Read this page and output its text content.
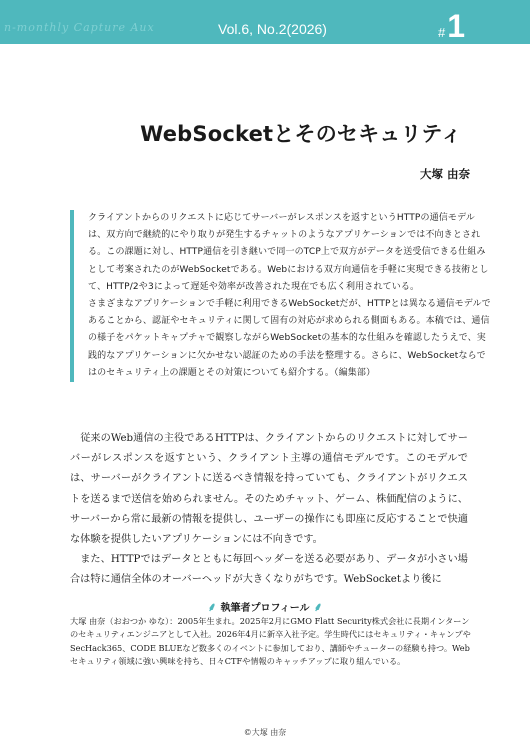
n-monthly Capture Aux	Vol.6, No.2(2026)	#1
WebSocketとそのセキュリティ
大塚 由奈

クライアントからのリクエストに応じてサーバーがレスポンスを返すというHTTPの通信モデルは、双方向で継続的にやり取りが発生するチャットのようなアプリケーションでは不向きとされる。この課題に対し、HTTP通信を引き継いで同一のTCP上で双方がデータを送受信できる仕組みとして考案されたのがWebSocketである。Webにおける双方向通信を手軽に実現できる技術として、HTTP/2や3によって遅延や効率が改善された現在でも広く利用されている。

さまざまなアプリケーションで手軽に利用できるWebSocketだが、HTTPとは異なる通信モデルであることから、認証やセキュリティに関して固有の対応が求められる側面もある。本稿では、通信の様子をパケットキャプチャで観察しながらWebSocketの基本的な仕組みを確認したうえで、実践的なアプリケーションに欠かせない認証のための手法を整理する。さらに、WebSocketならではのセキュリティ上の課題とその対策についても紹介する。（編集部）

従来のWeb通信の主役であるHTTPは、クライアントからのリクエストに対してサーバーがレスポンスを返すという、クライアント主導の通信モデルです。このモデルでは、サーバーがクライアントに送るべき情報を持っていても、クライアントがリクエストを送るまで送信を始められません。そのためチャット、ゲーム、株価配信のように、サーバーから常に最新の情報を提供し、ユーザーの操作にも即座に反応することで快適な体験を提供したいアプリケーションには不向きです。

また、HTTPではデータとともに毎回ヘッダーを送る必要があり、データが小さい場合は特に通信全体のオーバーヘッドが大きくなりがちです。WebSocketより後に

⸙ 執筆者プロフィール ⸙
大塚 由奈（おおつか ゆな）：2005年生まれ。2025年2月にGMO Flatt Security株式会社に長期インターンのセキュリティエンジニアとして入社。2026年4月に新卒入社予定。学生時代にはセキュリティ・キャンプやSecHack365、CODE BLUEなど数多くのイベントに参加しており、講師やチューターの経験も持つ。Webセキュリティ領域に強い興味を持ち、日々CTFや情報のキャッチアップに取り組んでいる。
©大塚 由奈
